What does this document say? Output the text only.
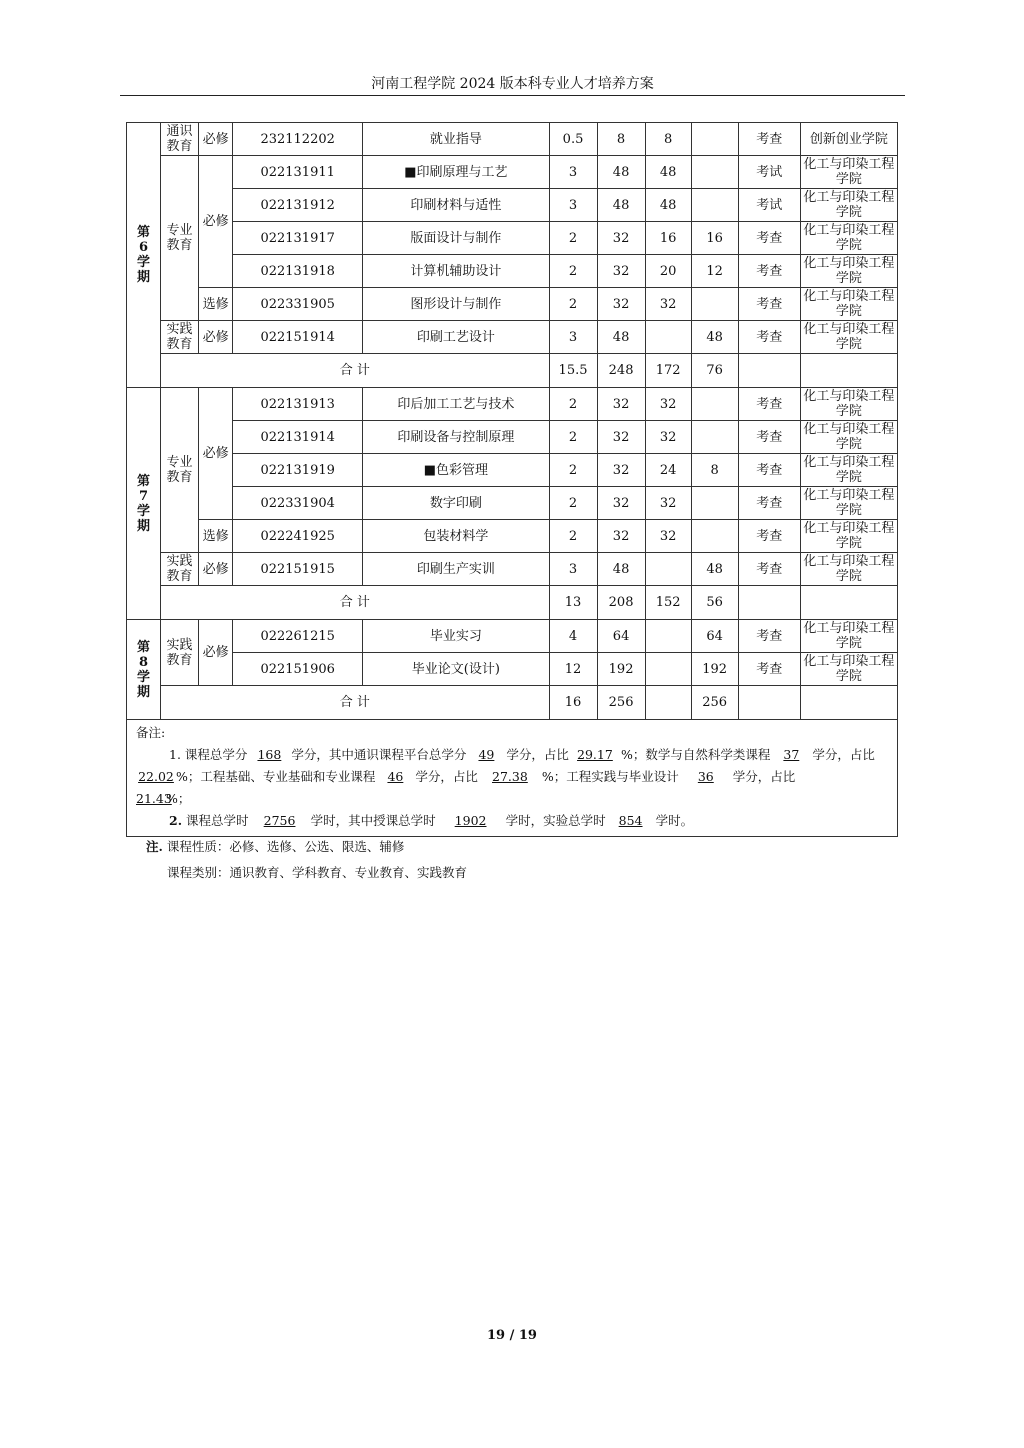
河南工程学院 2024 版本科专业人才培养方案
第
6
学
期	通识教育	必修	232112202	就业指导	0.5	8	8		考查	创新创业学院
	专业教育	必修	022131911	■印刷原理与工艺	3	48	48		考试	化工与印染工程学院
			022131912	印刷材料与适性	3	48	48		考试	化工与印染工程学院
			022131917	版面设计与制作	2	32	16	16	考查	化工与印染工程学院
			022131918	计算机辅助设计	2	32	20	12	考查	化工与印染工程学院
		选修	022331905	图形设计与制作	2	32	32		考查	化工与印染工程学院
	实践教育	必修	022151914	印刷工艺设计	3	48		48	考查	化工与印染工程学院
	合 计				15.5	248	172	76		
第
7
学
期	专业教育	必修	022131913	印后加工工艺与技术	2	32	32		考查	化工与印染工程学院
			022131914	印刷设备与控制原理	2	32	32		考查	化工与印染工程学院
			022131919	■色彩管理	2	32	24	8	考查	化工与印染工程学院
			022331904	数字印刷	2	32	32		考查	化工与印染工程学院
		选修	022241925	包装材料学	2	32	32		考查	化工与印染工程学院
	实践教育	必修	022151915	印刷生产实训	3	48		48	考查	化工与印染工程学院
	合 计				13	208	152	56		
第
8
学
期	实践教育	必修	022261215	毕业实习	4	64		64	考查	化工与印染工程学院
			022151906	毕业论文(设计)	12	192		192	考查	化工与印染工程学院
	合 计				16	256		256		

备注:
1. 课程总学分 168 学分，其中通识课程平台总学分 49 学分，占比 29.17 %；数学与自然科学类课程 37 学分，占比
22.02 %；工程基础、专业基础和专业课程 46 学分，占比 27.38 %；工程实践与毕业设计 36 学分，占比
21.43%；
2. 课程总学时 2756 学时，其中授课总学时 1902 学时，实验总学时 854 学时。										
注. 课程性质：必修、选修、公选、限选、辅修
课程类别：通识教育、学科教育、专业教育、实践教育
19 / 19
